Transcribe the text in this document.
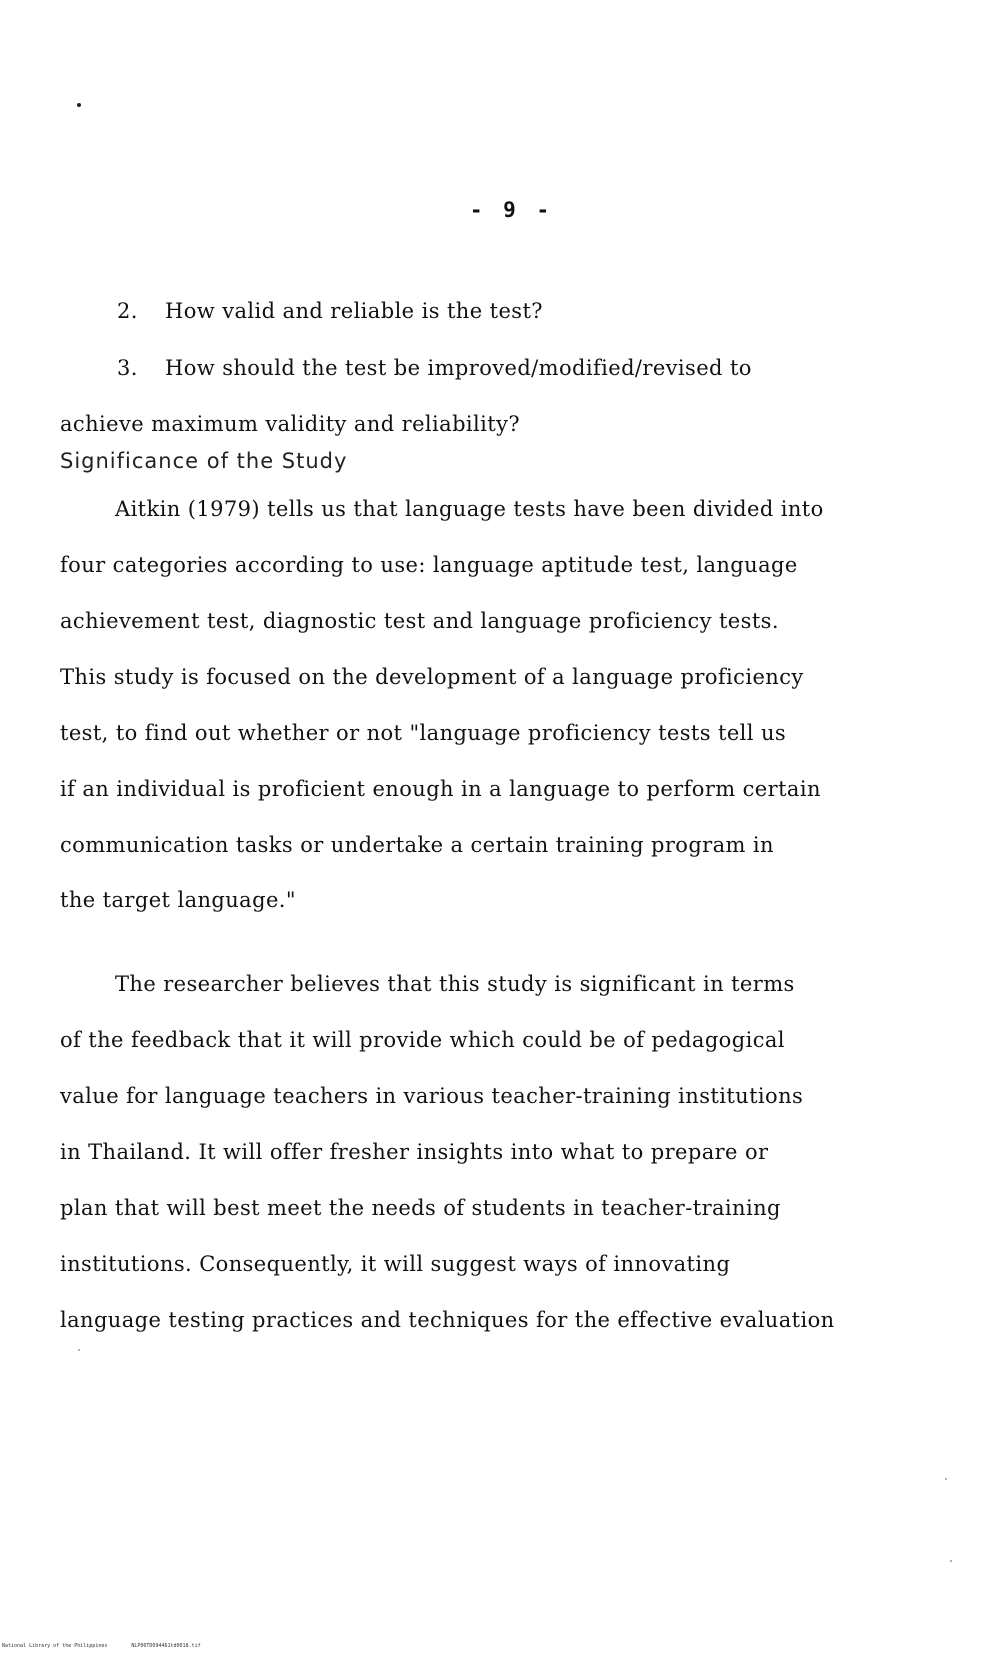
- 9 -
2. How valid and reliable is the test?
3. How should the test be improved/modified/revised to
achieve maximum validity and reliability?
Significance of the Study
Aitkin (1979) tells us that language tests have been divided into
four categories according to use: language aptitude test, language
achievement test, diagnostic test and language proficiency tests.
This study is focused on the development of a language proficiency
test, to find out whether or not "language proficiency tests tell us
if an individual is proficient enough in a language to perform certain
communication tasks or undertake a certain training program in
the target language."
The researcher believes that this study is significant in terms
of the feedback that it will provide which could be of pedagogical
value for language teachers in various teacher-training institutions
in Thailand. It will offer fresher insights into what to prepare or
plan that will best meet the needs of students in teacher-training
institutions. Consequently, it will suggest ways of innovating
language testing practices and techniques for the effective evaluation
National Library of the Philippines	NLP00TD094461td0018.tif
